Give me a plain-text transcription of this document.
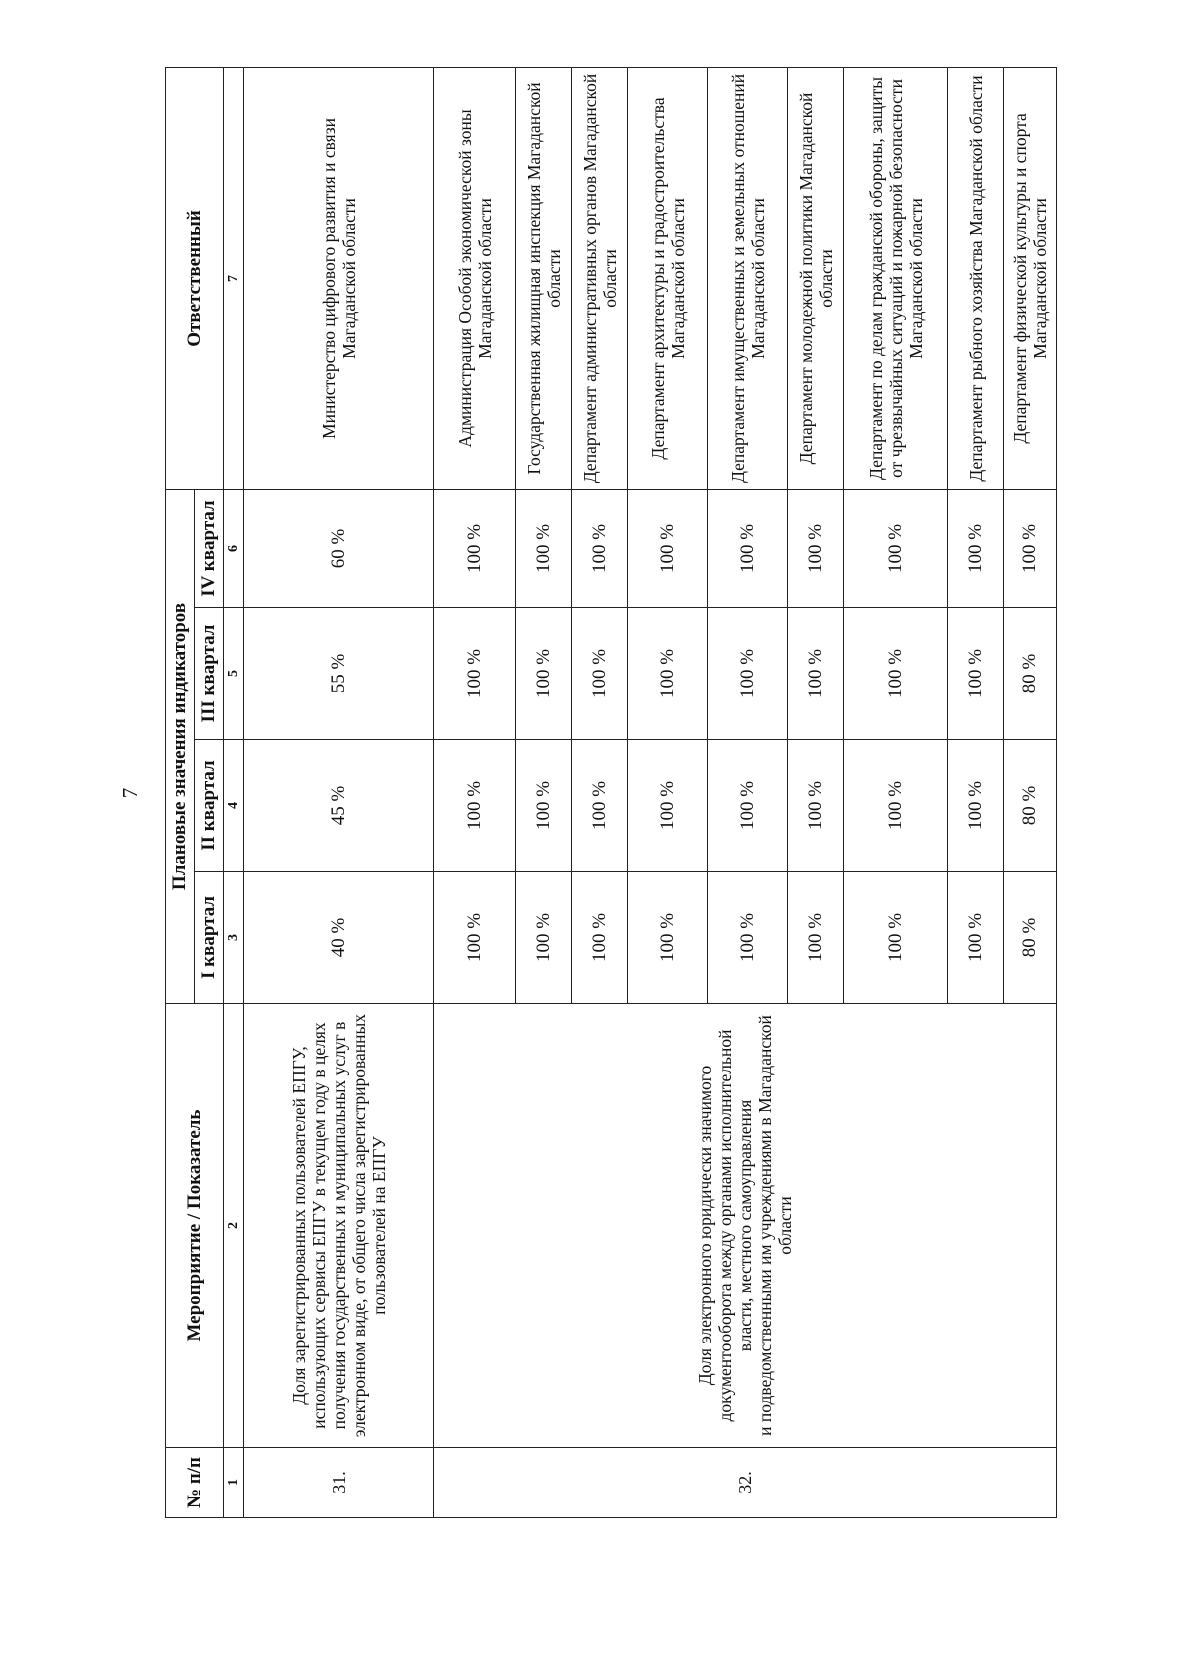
7
№ п/п	Мероприятие / Показатель	Плановые значения индикаторов				Ответственный
		I квартал	II квартал	III квартал	IV квартал	
1	2	3	4	5	6	7
31.	Доля зарегистрированных пользователей ЕПГУ, использующих сервисы ЕПГУ в текущем году в целях получения государственных и муниципальных услуг в электронном виде, от общего числа зарегистрированных пользователей на ЕПГУ	40 %	45 %	55 %	60 %	Министерство цифрового развития и связи Магаданской области
32.	Доля электронного юридически значимого документооборота между органами исполнительной власти, местного самоуправления и подведомственными им учреждениями в Магаданской области	100 %	100 %	100 %	100 %	Администрация Особой экономической зоны Магаданской области
		100 %	100 %	100 %	100 %	Государственная жилищная инспекция Магаданской области
		100 %	100 %	100 %	100 %	Департамент административных органов Магаданской области
		100 %	100 %	100 %	100 %	Департамент архитектуры и градостроительства Магаданской области
		100 %	100 %	100 %	100 %	Департамент имущественных и земельных отношений Магаданской области
		100 %	100 %	100 %	100 %	Департамент молодежной политики Магаданской области
		100 %	100 %	100 %	100 %	Департамент по делам гражданской обороны, защиты от чрезвычайных ситуаций и пожарной безопасности Магаданской области
		100 %	100 %	100 %	100 %	Департамент рыбного хозяйства Магаданской области
		80 %	80 %	80 %	100 %	Департамент физической культуры и спорта Магаданской области
